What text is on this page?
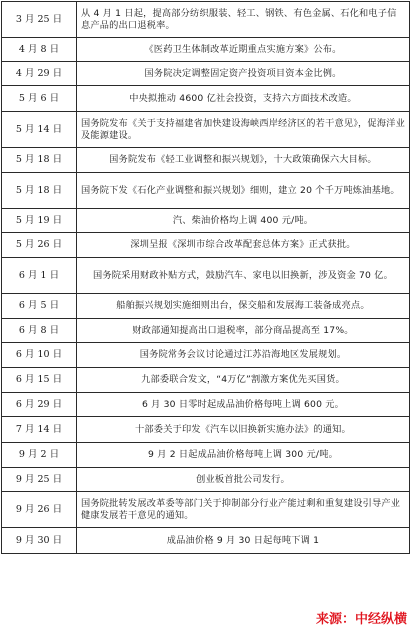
3 月 25 日	从 4 月 1 日起，提高部分纺织服装、轻工、钢铁、有色金属、石化和电子信息产品的出口退税率。
4 月 8 日	《医药卫生体制改革近期重点实施方案》公布。
4 月 29 日	国务院决定调整固定资产投资项目资本金比例。
5 月 6 日	中央拟推动 4600 亿社会投资，支持六方面技术改造。
5 月 14 日	国务院发布《关于支持福建省加快建设海峡西岸经济区的若干意见》，促海洋业及能源建设。
5 月 18 日	国务院发布《轻工业调整和振兴规划》，十大政策确保六大目标。
5 月 18 日	国务院下发《石化产业调整和振兴规划》细则，建立 20 个千万吨炼油基地。
5 月 19 日	汽、柴油价格均上调 400 元/吨。
5 月 26 日	深圳呈报《深圳市综合改革配套总体方案》正式获批。
6 月 1 日	国务院采用财政补贴方式，鼓励汽车、家电以旧换新，涉及资金 70 亿。
6 月 5 日	船舶振兴规划实施细则出台，保交船和发展海工装备成亮点。
6 月 8 日	财政部通知提高出口退税率，部分商品提高至 17%。
6 月 10 日	国务院常务会议讨论通过江苏沿海地区发展规划。
6 月 15 日	九部委联合发文，“4万亿”割激方案优先买国货。
6 月 29 日	6 月 30 日零时起成品油价格每吨上调 600 元。
7 月 14 日	十部委关于印发《汽车以旧换新实施办法》的通知。
9 月 2 日	9 月 2 日起成品油价格每吨上调 300 元/吨。
9 月 25 日	创业板首批公司发行。
9 月 26 日	国务院批转发展改革委等部门关于抑制部分行业产能过剩和重复建设引导产业健康发展若干意见的通知。
9 月 30 日	成品油价格 9 月 30 日起每吨下调 1
来源：中经纵横
